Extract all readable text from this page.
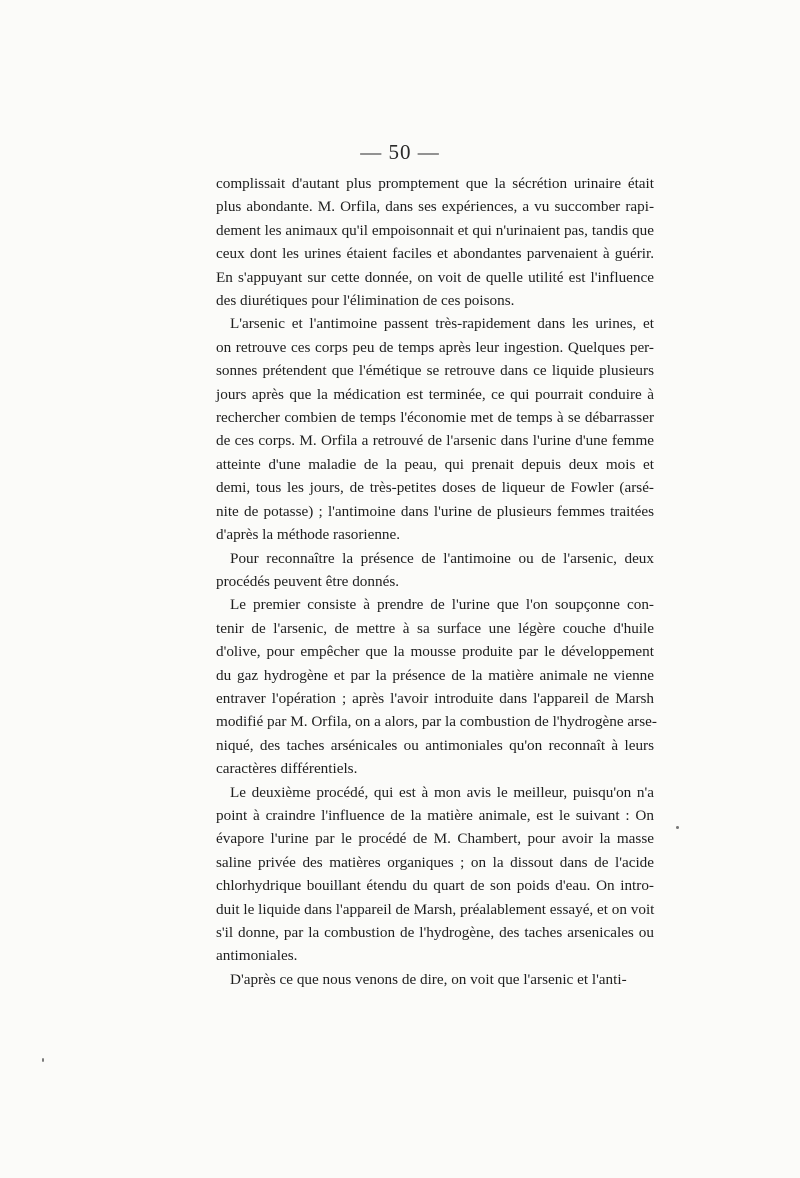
— 50 —

complissait d'autant plus promptement que la sécrétion urinaire était
plus abondante. M. Orfila, dans ses expériences, a vu succomber rapi-
dement les animaux qu'il empoisonnait et qui n'urinaient pas, tandis que
ceux dont les urines étaient faciles et abondantes parvenaient à guérir.
En s'appuyant sur cette donnée, on voit de quelle utilité est l'influence
des diurétiques pour l'élimination de ces poisons.

L'arsenic et l'antimoine passent très-rapidement dans les urines, et
on retrouve ces corps peu de temps après leur ingestion. Quelques per-
sonnes prétendent que l'émétique se retrouve dans ce liquide plusieurs
jours après que la médication est terminée, ce qui pourrait conduire à
rechercher combien de temps l'économie met de temps à se débarrasser
de ces corps. M. Orfila a retrouvé de l'arsenic dans l'urine d'une femme
atteinte d'une maladie de la peau, qui prenait depuis deux mois et
demi, tous les jours, de très-petites doses de liqueur de Fowler (arsé-
nite de potasse) ; l'antimoine dans l'urine de plusieurs femmes traitées
d'après la méthode rasorienne.

Pour reconnaître la présence de l'antimoine ou de l'arsenic, deux
procédés peuvent être donnés.

Le premier consiste à prendre de l'urine que l'on soupçonne con-
tenir de l'arsenic, de mettre à sa surface une légère couche d'huile
d'olive, pour empêcher que la mousse produite par le développement
du gaz hydrogène et par la présence de la matière animale ne vienne
entraver l'opération ; après l'avoir introduite dans l'appareil de Marsh
modifié par M. Orfila, on a alors, par la combustion de l'hydrogène arse-
niqué, des taches arsénicales ou antimoniales qu'on reconnaît à leurs
caractères différentiels.

Le deuxième procédé, qui est à mon avis le meilleur, puisqu'on n'a
point à craindre l'influence de la matière animale, est le suivant : On
évapore l'urine par le procédé de M. Chambert, pour avoir la masse
saline privée des matières organiques ; on la dissout dans de l'acide
chlorhydrique bouillant étendu du quart de son poids d'eau. On intro-
duit le liquide dans l'appareil de Marsh, préalablement essayé, et on voit
s'il donne, par la combustion de l'hydrogène, des taches arsenicales ou
antimoniales.

D'après ce que nous venons de dire, on voit que l'arsenic et l'anti-
